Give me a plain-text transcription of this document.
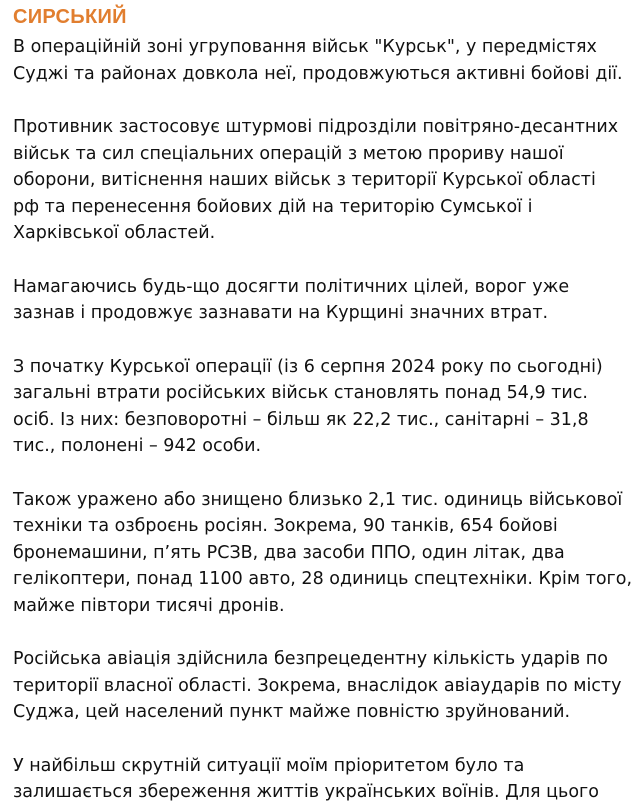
СИРСЬКИЙ

В операційній зоні угруповання військ "Курськ", у передмістях
Суджі та районах довкола неї, продовжуються активні бойові дії.

Противник застосовує штурмові підрозділи повітряно-десантних
військ та сил спеціальних операцій з метою прориву нашої
оборони, витіснення наших військ з території Курської області
рф та перенесення бойових дій на територію Сумської і
Харківської областей.

Намагаючись будь-що досягти політичних цілей, ворог уже
зазнав і продовжує зазнавати на Курщині значних втрат.

З початку Курської операції (із 6 серпня 2024 року по сьогодні)
загальні втрати російських військ становлять понад 54,9 тис.
осіб. Із них: безповоротні – більш як 22,2 тис., санітарні – 31,8
тис., полонені – 942 особи.

Також уражено або знищено близько 2,1 тис. одиниць військової
техніки та озброєнь росіян. Зокрема, 90 танків, 654 бойові
бронемашини, п’ять РСЗВ, два засоби ППО, один літак, два
гелікоптери, понад 1100 авто, 28 одиниць спецтехніки. Крім того,
майже півтори тисячі дронів.

Російська авіація здійснила безпрецедентну кількість ударів по
території власної області. Зокрема, внаслідок авіаударів по місту
Суджа, цей населений пункт майже повністю зруйнований.

У найбільш скрутній ситуації моїм пріоритетом було та
залишається збереження життів українських воїнів. Для цього
